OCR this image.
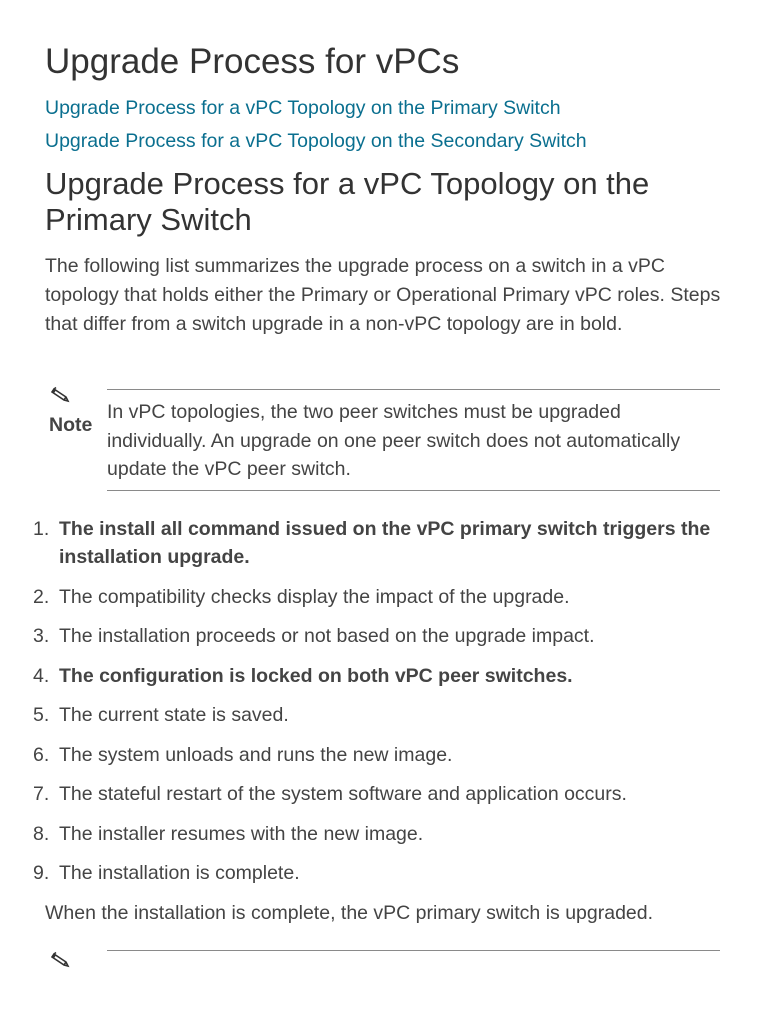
Upgrade Process for vPCs
Upgrade Process for a vPC Topology on the Primary Switch
Upgrade Process for a vPC Topology on the Secondary Switch
Upgrade Process for a vPC Topology on the Primary Switch

The following list summarizes the upgrade process on a switch in a vPC topology that holds either the Primary or Operational Primary vPC roles. Steps that differ from a switch upgrade in a non-vPC topology are in bold.

Note

In vPC topologies, the two peer switches must be upgraded individually. An upgrade on one peer switch does not automatically update the vPC peer switch.

1. The install all command issued on the vPC primary switch triggers the installation upgrade.
2. The compatibility checks display the impact of the upgrade.
3. The installation proceeds or not based on the upgrade impact.
4. The configuration is locked on both vPC peer switches.
5. The current state is saved.
6. The system unloads and runs the new image.
7. The stateful restart of the system software and application occurs.
8. The installer resumes with the new image.
9. The installation is complete.

When the installation is complete, the vPC primary switch is upgraded.
